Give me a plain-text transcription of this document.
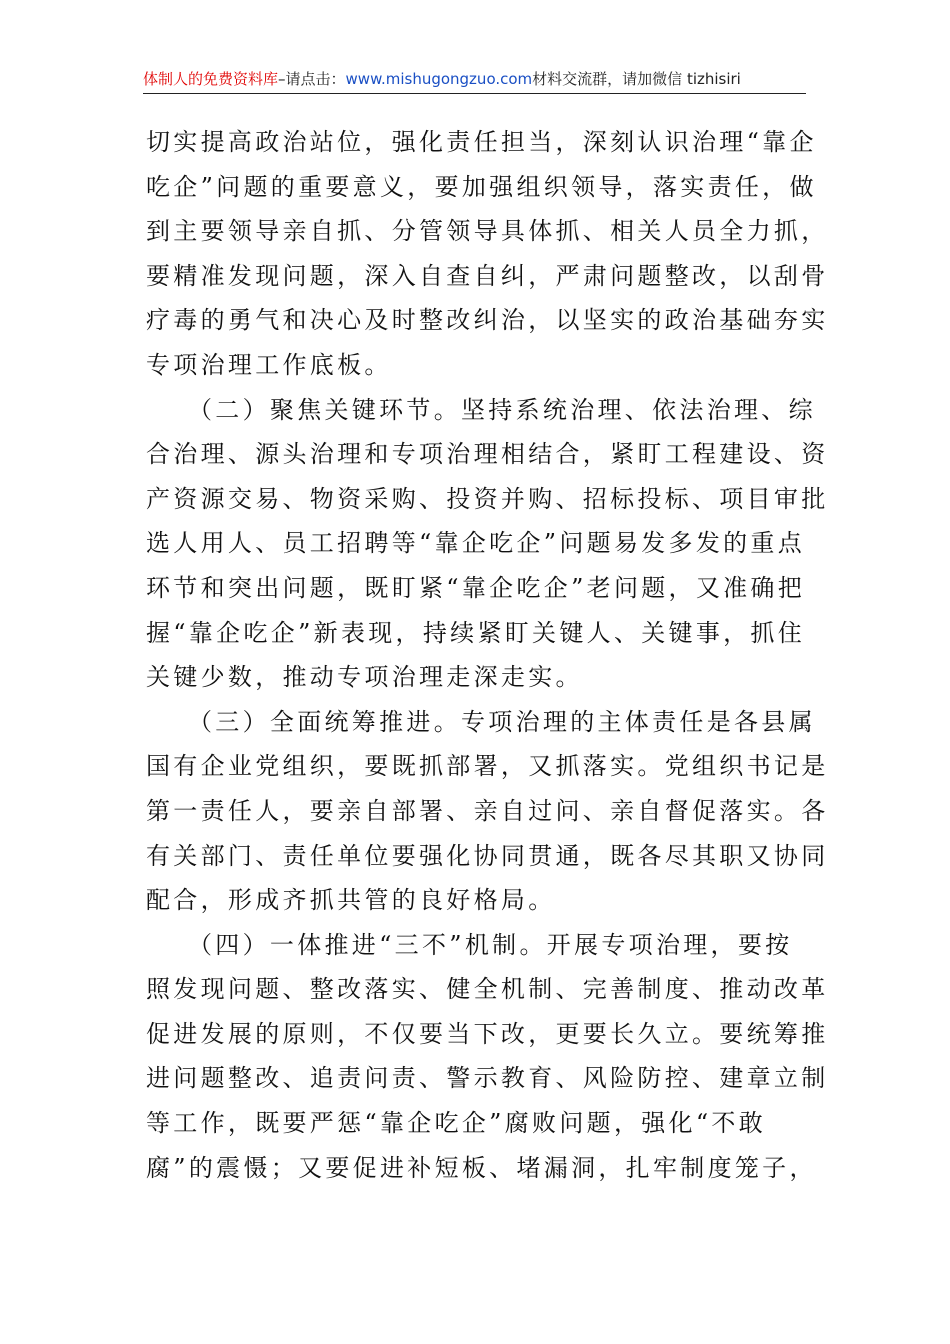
体制人的免费资料库–请点击：www.mishugongzuo.com材料交流群，请加微信 tizhisiri
切实提高政治站位，强化责任担当，深刻认识治理“靠企
吃企”问题的重要意义，要加强组织领导，落实责任，做
到主要领导亲自抓、分管领导具体抓、相关人员全力抓，
要精准发现问题，深入自查自纠，严肃问题整改，以刮骨
疗毒的勇气和决心及时整改纠治，以坚实的政治基础夯实
专项治理工作底板。
（二）聚焦关键环节。坚持系统治理、依法治理、综
合治理、源头治理和专项治理相结合，紧盯工程建设、资
产资源交易、物资采购、投资并购、招标投标、项目审批
选人用人、员工招聘等“靠企吃企”问题易发多发的重点
环节和突出问题，既盯紧“靠企吃企”老问题，又准确把
握“靠企吃企”新表现，持续紧盯关键人、关键事，抓住
关键少数，推动专项治理走深走实。
（三）全面统筹推进。专项治理的主体责任是各县属
国有企业党组织，要既抓部署，又抓落实。党组织书记是
第一责任人，要亲自部署、亲自过问、亲自督促落实。各
有关部门、责任单位要强化协同贯通，既各尽其职又协同
配合，形成齐抓共管的良好格局。
（四）一体推进“三不”机制。开展专项治理，要按
照发现问题、整改落实、健全机制、完善制度、推动改革
促进发展的原则，不仅要当下改，更要长久立。要统筹推
进问题整改、追责问责、警示教育、风险防控、建章立制
等工作，既要严惩“靠企吃企”腐败问题，强化“不敢
腐”的震慑；又要促进补短板、堵漏洞，扎牢制度笼子，
